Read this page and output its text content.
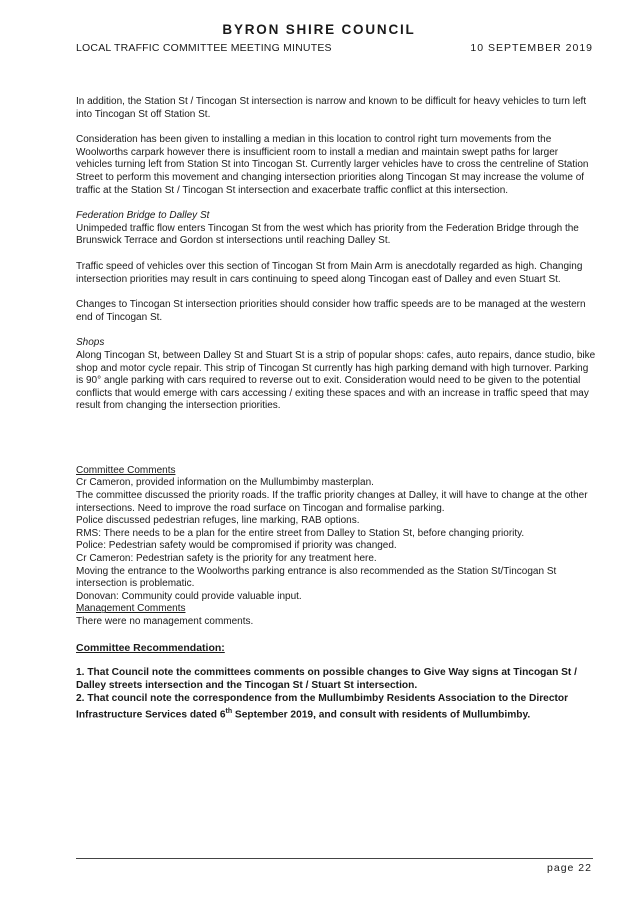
BYRON SHIRE COUNCIL
LOCAL TRAFFIC COMMITTEE MEETING MINUTES	10 SEPTEMBER 2019

In addition, the Station St / Tincogan St intersection is narrow and known to be difficult for heavy vehicles to turn left into Tincogan St off Station St.

Consideration has been given to installing a median in this location to control right turn movements from the Woolworths carpark however there is insufficient room to install a median and maintain swept paths for larger vehicles turning left from Station St into Tincogan St. Currently larger vehicles have to cross the centreline of Station Street to perform this movement and changing intersection priorities along Tincogan St may increase the volume of traffic at the Station St / Tincogan St intersection and exacerbate traffic conflict at this intersection.

Federation Bridge to Dalley St

Unimpeded traffic flow enters Tincogan St from the west which has priority from the Federation Bridge through the Brunswick Terrace and Gordon st intersections until reaching Dalley St.

Traffic speed of vehicles over this section of Tincogan St from Main Arm is anecdotally regarded as high. Changing intersection priorities may result in cars continuing to speed along Tincogan east of Dalley and even Stuart St.

Changes to Tincogan St intersection priorities should consider how traffic speeds are to be managed at the western end of Tincogan St.

Shops

Along Tincogan St, between Dalley St and Stuart St is a strip of popular shops: cafes, auto repairs, dance studio, bike shop and motor cycle repair. This strip of Tincogan St currently has high parking demand with high turnover. Parking is 90° angle parking with cars required to reverse out to exit. Consideration would need to be given to the potential conflicts that would emerge with cars accessing / exiting these spaces and with an increase in traffic speed that may result from changing the intersection priorities.

Committee Comments

Cr Cameron, provided information on the Mullumbimby masterplan.

The committee discussed the priority roads. If the traffic priority changes at Dalley, it will have to change at the other intersections. Need to improve the road surface on Tincogan and formalise parking.

Police discussed pedestrian refuges, line marking, RAB options.

RMS: There needs to be a plan for the entire street from Dalley to Station St, before changing priority.

Police: Pedestrian safety would be compromised if priority was changed.

Cr Cameron: Pedestrian safety is the priority for any treatment here.

Moving the entrance to the Woolworths parking entrance is also recommended as the Station St/Tincogan St intersection is problematic.

Donovan: Community could provide valuable input.

Management Comments

There were no management comments.

Committee Recommendation:

1. That Council note the committees comments on possible changes to Give Way signs at Tincogan St / Dalley streets intersection and the Tincogan St / Stuart St intersection.

2. That council note the correspondence from the Mullumbimby Residents Association to the Director Infrastructure Services dated 6th September 2019, and consult with residents of Mullumbimby.

page 22
